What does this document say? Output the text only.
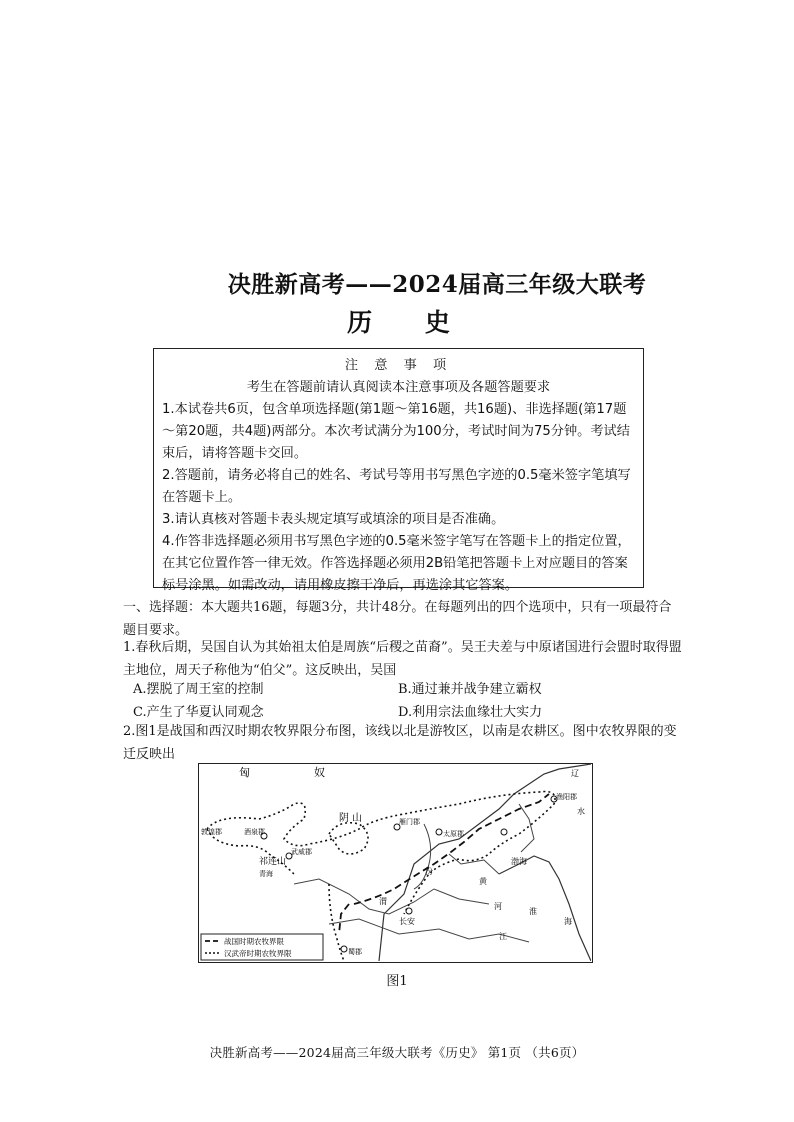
决胜新高考——2024届高三年级大联考
历 史

注 意 事 项

考生在答题前请认真阅读本注意事项及各题答题要求

1.本试卷共6页，包含单项选择题(第1题～第16题，共16题)、非选择题(第17题～第20题，共4题)两部分。本次考试满分为100分，考试时间为75分钟。考试结束后，请将答题卡交回。

2.答题前，请务必将自己的姓名、考试号等用书写黑色字迹的0.5毫米签字笔填写在答题卡上。

3.请认真核对答题卡表头规定填写或填涂的项目是否准确。

4.作答非选择题必须用书写黑色字迹的0.5毫米签字笔写在答题卡上的指定位置，在其它位置作答一律无效。作答选择题必须用2B铅笔把答题卡上对应题目的答案标号涂黑。如需改动，请用橡皮擦干净后，再选涂其它答案。

一、选择题：本大题共16题，每题3分，共计48分。在每题列出的四个选项中，只有一项最符合题目要求。
1.春秋后期，吴国自认为其始祖太伯是周族“后稷之苗裔”。吴王夫差与中原诸国进行会盟时取得盟主地位，周天子称他为“伯父”。这反映出，吴国
A.摆脱了周王室的控制	B.通过兼并战争建立霸权
C.产生了华夏认同观念	D.利用宗法血缘壮大实力
2.图1是战国和西汉时期农牧界限分布图，该线以北是游牧区，以南是农耕区。图中农牧界限的变迁反映出
匈	奴
阴 山
敦煌郡	酒泉郡
武威郡
祁连山
青海
雁门郡
太原郡
长安
蜀郡
渔阳郡
渤海
辽
水
黄
河
汾
渭
海
江
淮
战国时期农牧界限
汉武帝时期农牧界限
图1
决胜新高考——2024届高三年级大联考《历史》 第1页 （共6页）
